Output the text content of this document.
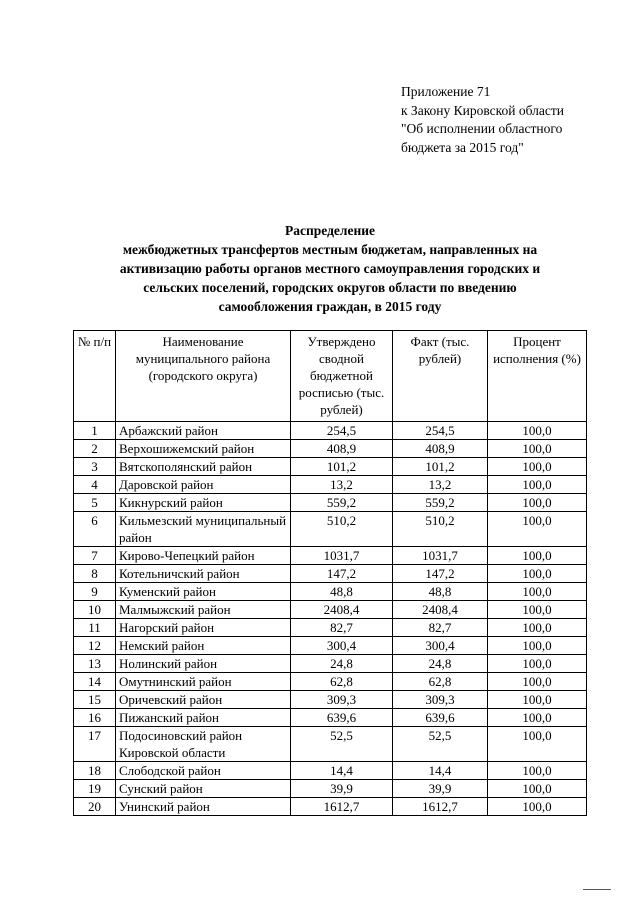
Приложение 71
к Закону Кировской области
"Об исполнении областного
бюджета за 2015 год"
Распределение
межбюджетных трансфертов местным бюджетам, направленных на
активизацию работы органов местного самоуправления городских и
сельских поселений, городских округов области по введению
самообложения граждан, в 2015 году
№ п/п	Наименование муниципального района (городского округа)	Утверждено сводной бюджетной росписью (тыс. рублей)	Факт (тыс. рублей)	Процент исполнения (%)
1	Арбажский район	254,5	254,5	100,0
2	Верхошижемский район	408,9	408,9	100,0
3	Вятскополянский район	101,2	101,2	100,0
4	Даровской район	13,2	13,2	100,0
5	Кикнурский район	559,2	559,2	100,0
6	Кильмезский муниципальный район	510,2	510,2	100,0
7	Кирово-Чепецкий район	1031,7	1031,7	100,0
8	Котельничский район	147,2	147,2	100,0
9	Куменский район	48,8	48,8	100,0
10	Малмыжский район	2408,4	2408,4	100,0
11	Нагорский район	82,7	82,7	100,0
12	Немский район	300,4	300,4	100,0
13	Нолинский район	24,8	24,8	100,0
14	Омутнинский район	62,8	62,8	100,0
15	Оричевский район	309,3	309,3	100,0
16	Пижанский район	639,6	639,6	100,0
17	Подосиновский район Кировской области	52,5	52,5	100,0
18	Слободской район	14,4	14,4	100,0
19	Сунский район	39,9	39,9	100,0
20	Унинский район	1612,7	1612,7	100,0
